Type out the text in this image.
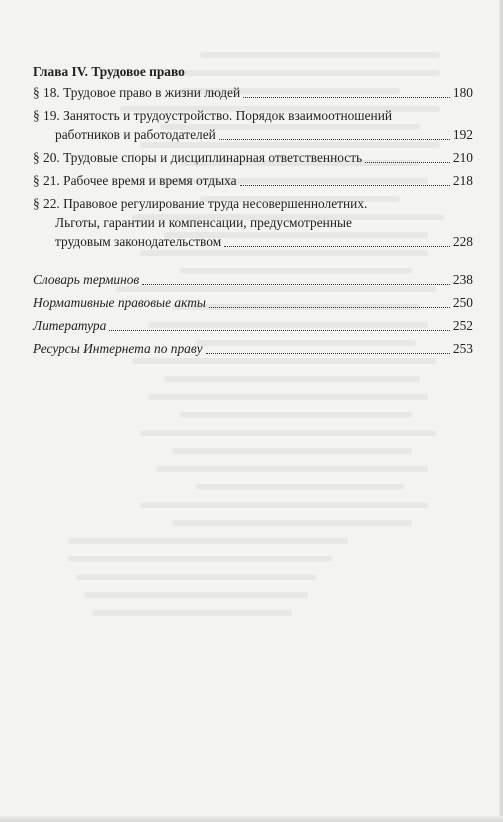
Глава IV. Трудовое право
§ 18.
Трудовое право в жизни людей	180
§ 19.
Занятость и трудоустройство. Порядок взаимоотношений
работников и работодателей	192
§ 20.
Трудовые споры и дисциплинарная ответственность	210
§ 21.
Рабочее время и время отдыха	218
§ 22.
Правовое регулирование труда несовершеннолетних.
Льготы, гарантии и компенсации, предусмотренные
трудовым законодательством	228
Словарь терминов	238
Нормативные правовые акты	250
Литература	252
Ресурсы Интернета по праву	253
